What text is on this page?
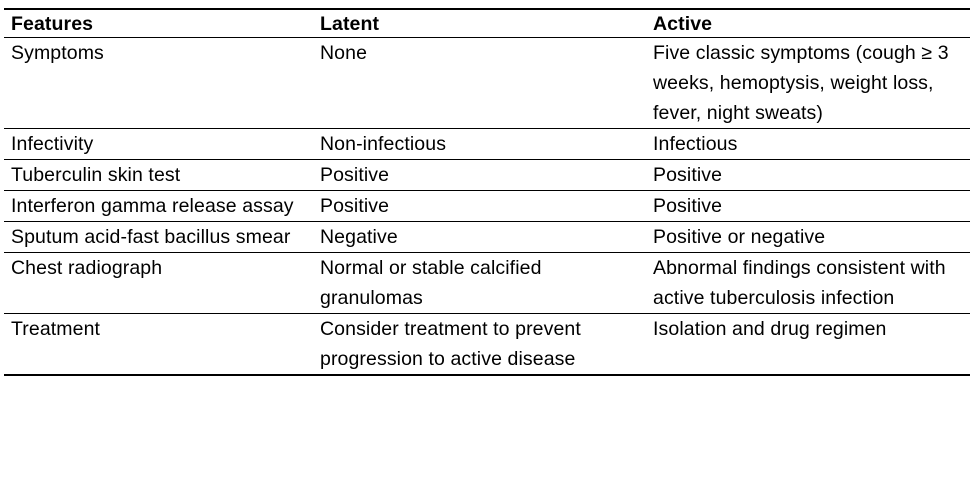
Features	Latent	Active
Symptoms	None	Five classic symptoms (cough ≥ 3 weeks, hemoptysis, weight loss, fever, night sweats)
Infectivity	Non-infectious	Infectious
Tuberculin skin test	Positive	Positive
Interferon gamma release assay	Positive	Positive
Sputum acid-fast bacillus smear	Negative	Positive or negative
Chest radiograph	Normal or stable calcified granulomas	Abnormal findings consistent with active tuberculosis infection
Treatment	Consider treatment to prevent progression to active disease	Isolation and drug regimen
